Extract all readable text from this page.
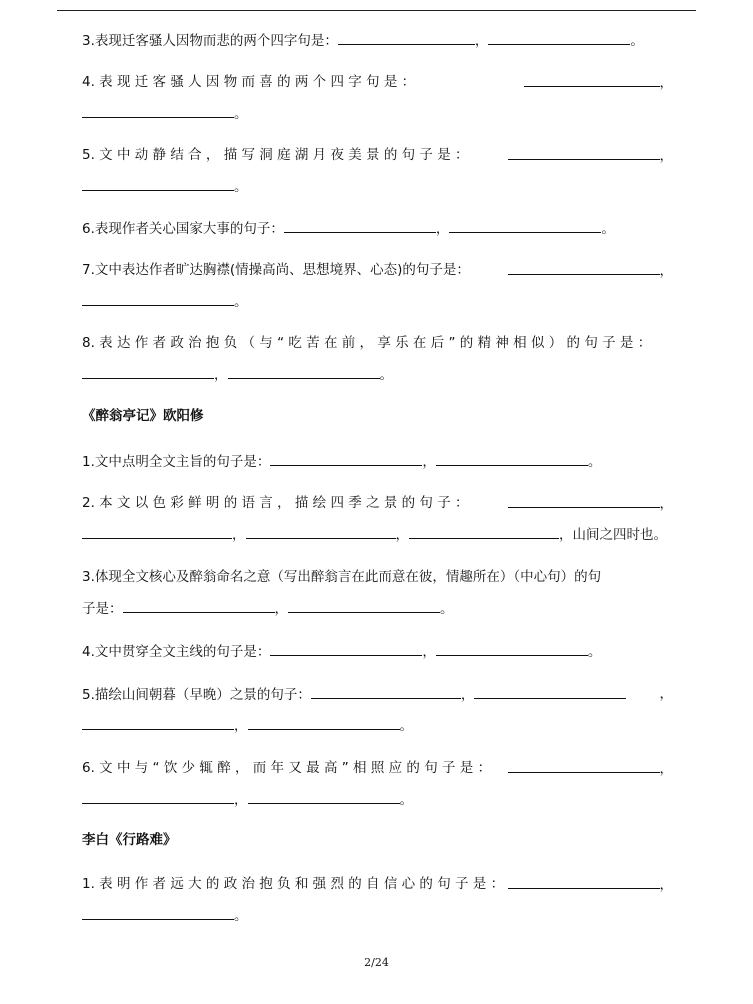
3.表现迁客骚人因物而悲的两个四字句是：	，	。
4. 表 现 迁 客 骚 人 因 物 而 喜 的 两 个 四 字 句 是 ：	，
。
5. 文 中 动 静 结 合 ， 描 写 洞 庭 湖 月 夜 美 景 的 句 子 是 ：	，
。
6.表现作者关心国家大事的句子：	，	。
7.文中表达作者旷达胸襟(情操高尚、思想境界、心态)的句子是：	，
。
8. 表 达 作 者 政 治 抱 负 （ 与 “ 吃 苦 在 前 ， 享 乐 在 后 ” 的 精 神 相 似 ） 的 句 子 是 ：
，	。
《醉翁亭记》欧阳修
1.文中点明全文主旨的句子是：	，	。
2. 本 文 以 色 彩 鲜 明 的 语 言 ， 描 绘 四 季 之 景 的 句 子 ：	，
，	，	，山间之四时也。
3.体现全文核心及醉翁命名之意（写出醉翁言在此而意在彼，情趣所在）（中心句）的句
子是：	，	。
4.文中贯穿全文主线的句子是：	，	。
5.描绘山间朝暮（早晚）之景的句子：	，	，
，	。
6. 文 中 与 “ 饮 少 辄 醉 ， 而 年 又 最 高 ” 相 照 应 的 句 子 是 ：	，
，	。
李白《行路难》
1. 表 明 作 者 远 大 的 政 治 抱 负 和 强 烈 的 自 信 心 的 句 子 是 ：	，
。
2/24
